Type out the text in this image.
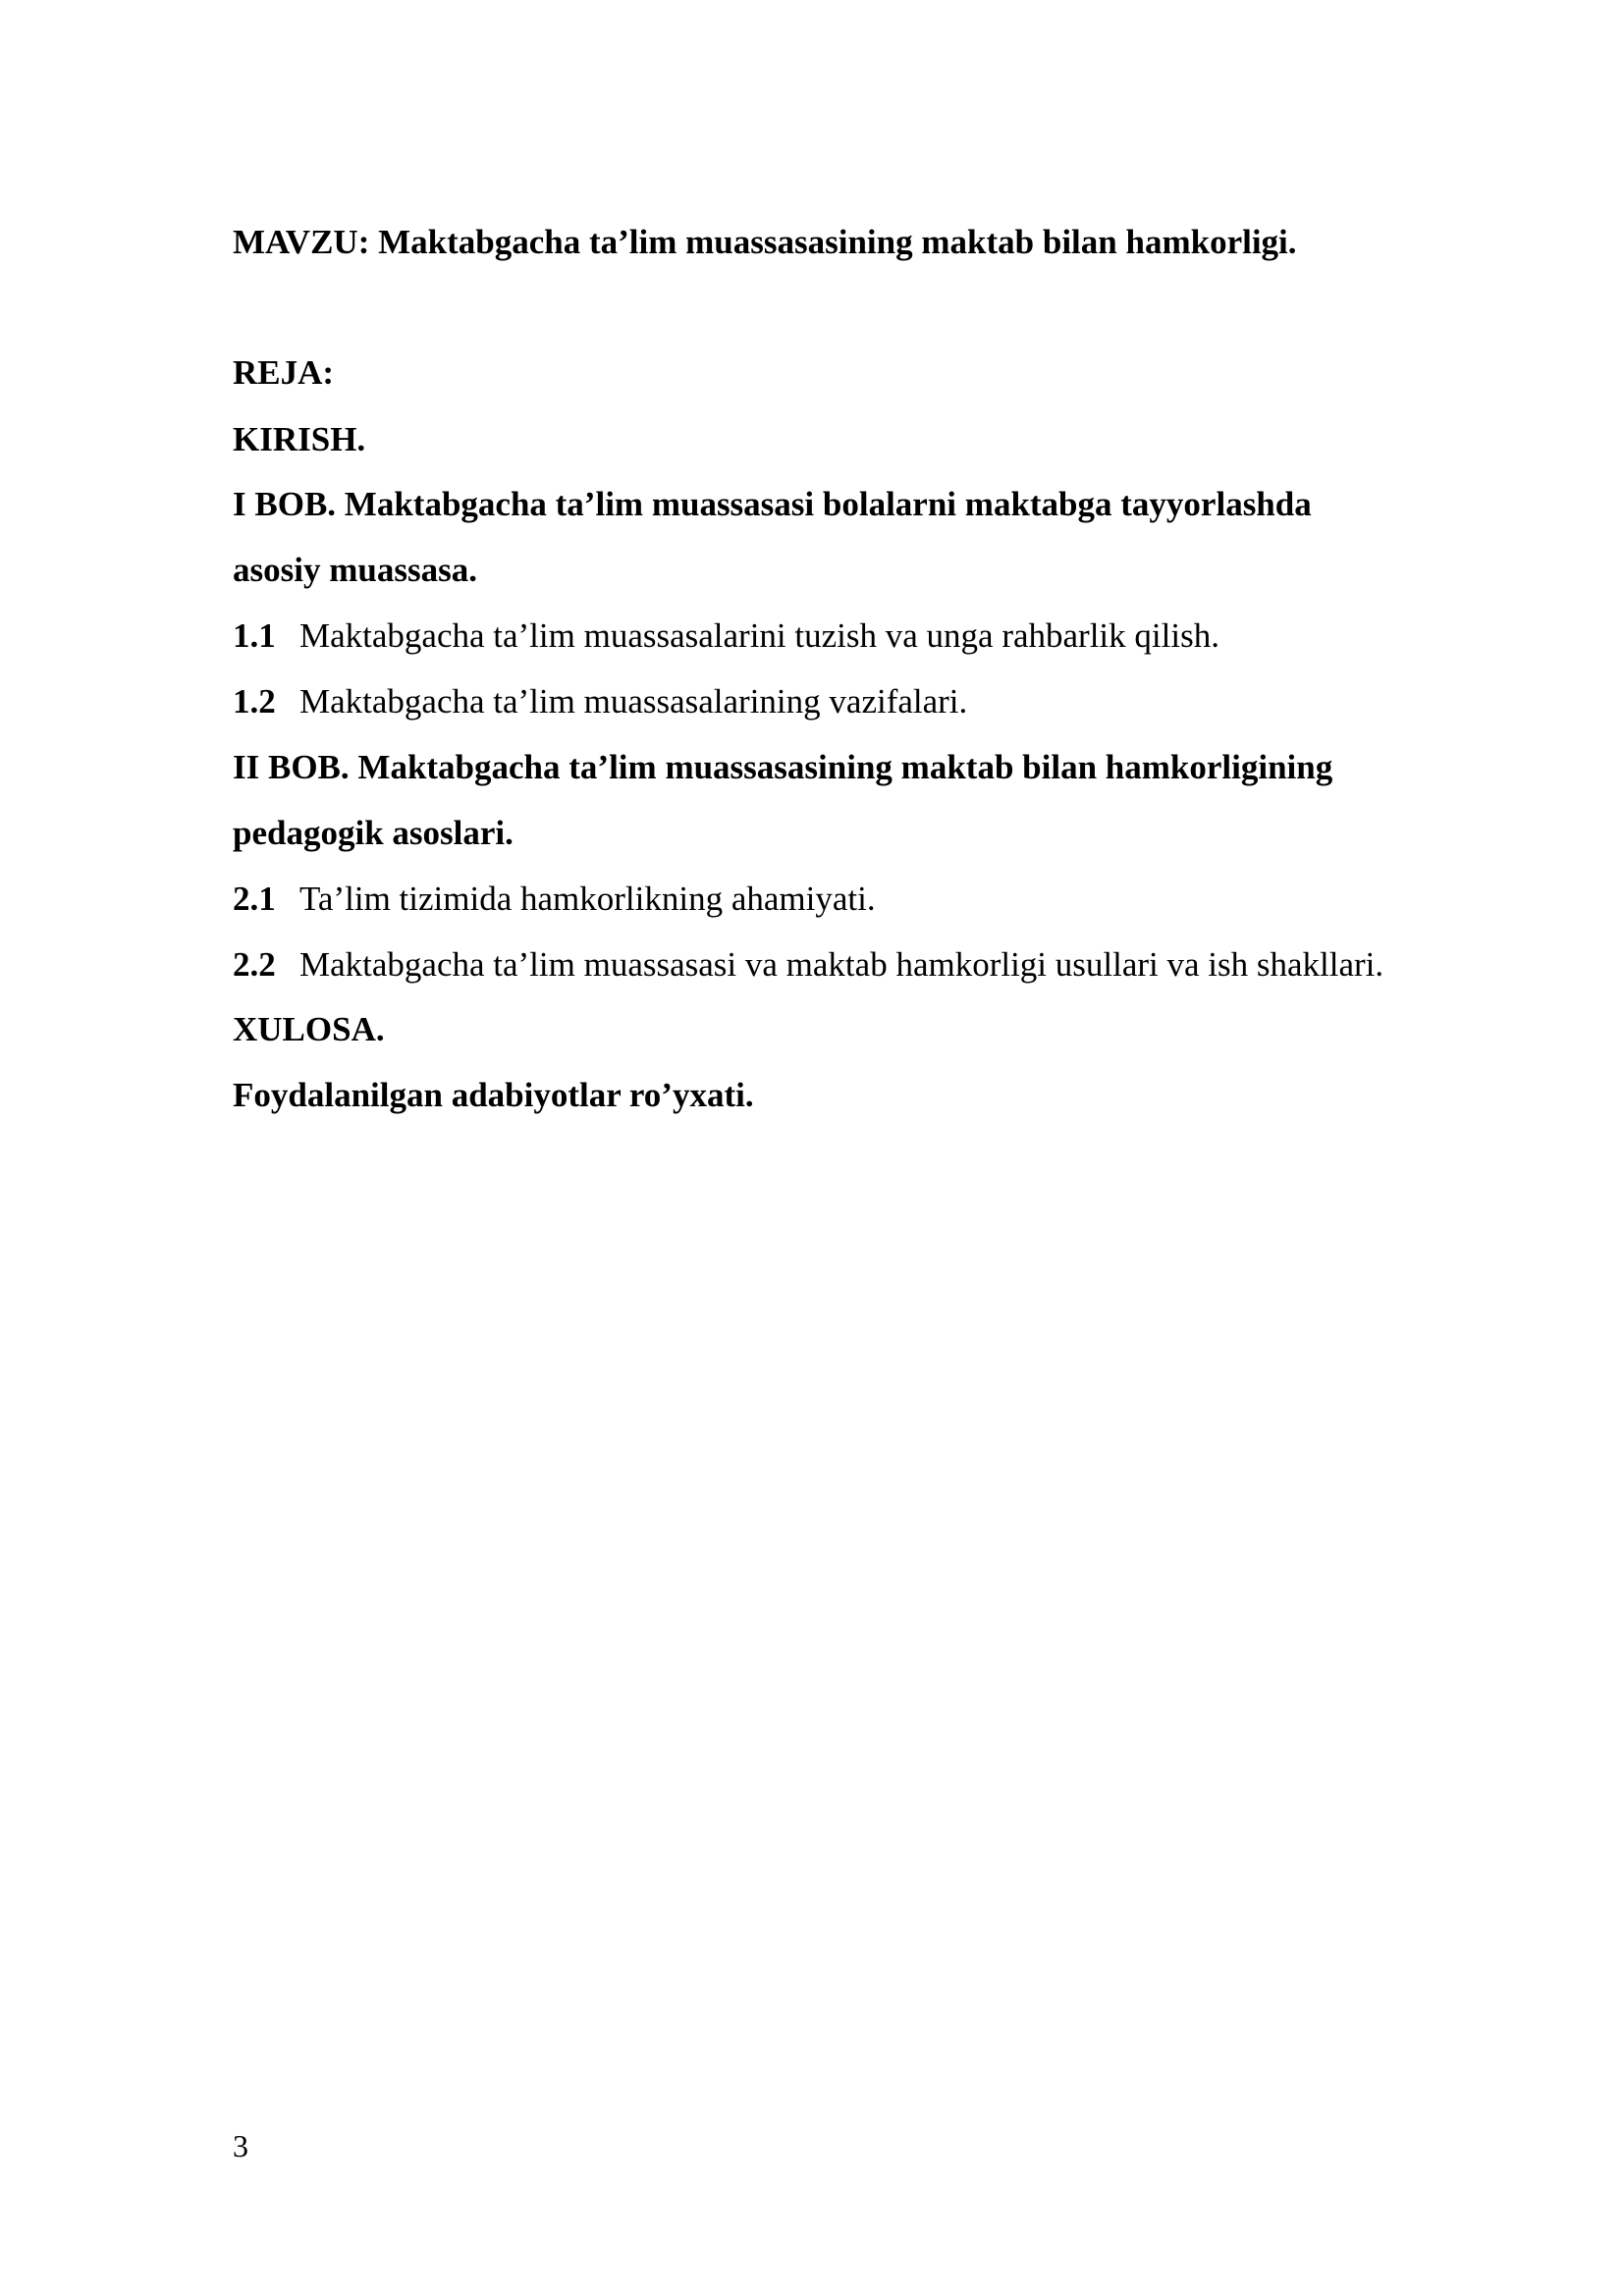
MAVZU: Maktabgacha ta’lim muassasasining maktab bilan hamkorligi.
REJA:
KIRISH.
I BOB. Maktabgacha ta’lim muassasasi bolalarni maktabga tayyorlashda
asosiy muassasa.
1.1 Maktabgacha ta’lim muassasalarini tuzish va unga rahbarlik qilish.
1.2 Maktabgacha ta’lim muassasalarining vazifalari.
II BOB. Maktabgacha ta’lim muassasasining maktab bilan hamkorligining
pedagogik asoslari.
2.1 Ta’lim tizimida hamkorlikning ahamiyati.
2.2 Maktabgacha ta’lim muassasasi va maktab hamkorligi usullari va ish shakllari.
XULOSA.
Foydalanilgan adabiyotlar ro’yxati.
3
